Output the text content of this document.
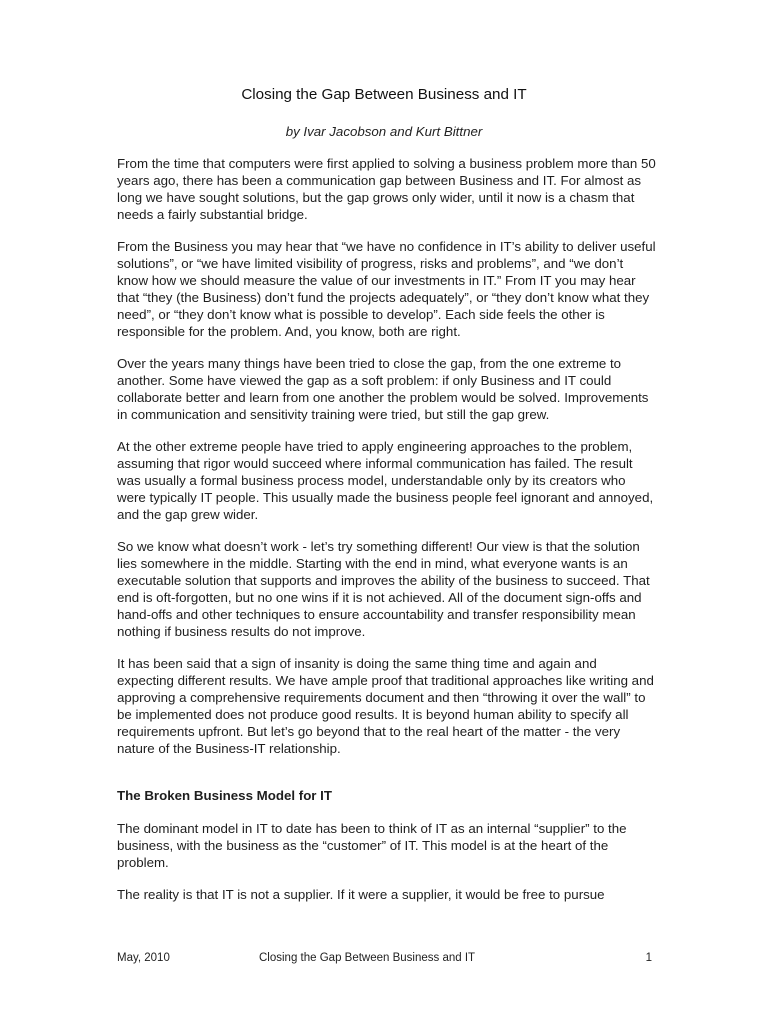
Closing the Gap Between Business and IT
by Ivar Jacobson and Kurt Bittner

From the time that computers were first applied to solving a business problem more than 50 years ago, there has been a communication gap between Business and IT. For almost as long we have sought solutions, but the gap grows only wider, until it now is a chasm that needs a fairly substantial bridge.

From the Business you may hear that “we have no confidence in IT’s ability to deliver useful solutions”, or “we have limited visibility of progress, risks and problems”, and “we don’t know how we should measure the value of our investments in IT.” From IT you may hear that “they (the Business) don’t fund the projects adequately”, or “they don’t know what they need”, or “they don’t know what is possible to develop”. Each side feels the other is responsible for the problem. And, you know, both are right.

Over the years many things have been tried to close the gap, from the one extreme to another. Some have viewed the gap as a soft problem: if only Business and IT could collaborate better and learn from one another the problem would be solved. Improvements in communication and sensitivity training were tried, but still the gap grew.

At the other extreme people have tried to apply engineering approaches to the problem, assuming that rigor would succeed where informal communication has failed. The result was usually a formal business process model, understandable only by its creators who were typically IT people. This usually made the business people feel ignorant and annoyed, and the gap grew wider.

So we know what doesn’t work - let’s try something different! Our view is that the solution lies somewhere in the middle. Starting with the end in mind, what everyone wants is an executable solution that supports and improves the ability of the business to succeed. That end is oft-forgotten, but no one wins if it is not achieved. All of the document sign-offs and hand-offs and other techniques to ensure accountability and transfer responsibility mean nothing if business results do not improve.

It has been said that a sign of insanity is doing the same thing time and again and expecting different results. We have ample proof that traditional approaches like writing and approving a comprehensive requirements document and then “throwing it over the wall” to be implemented does not produce good results. It is beyond human ability to specify all requirements upfront. But let’s go beyond that to the real heart of the matter - the very nature of the Business-IT relationship.

The Broken Business Model for IT

The dominant model in IT to date has been to think of IT as an internal “supplier” to the business, with the business as the “customer” of IT. This model is at the heart of the problem.

The reality is that IT is not a supplier. If it were a supplier, it would be free to pursue

May, 2010	Closing the Gap Between Business and IT	1
